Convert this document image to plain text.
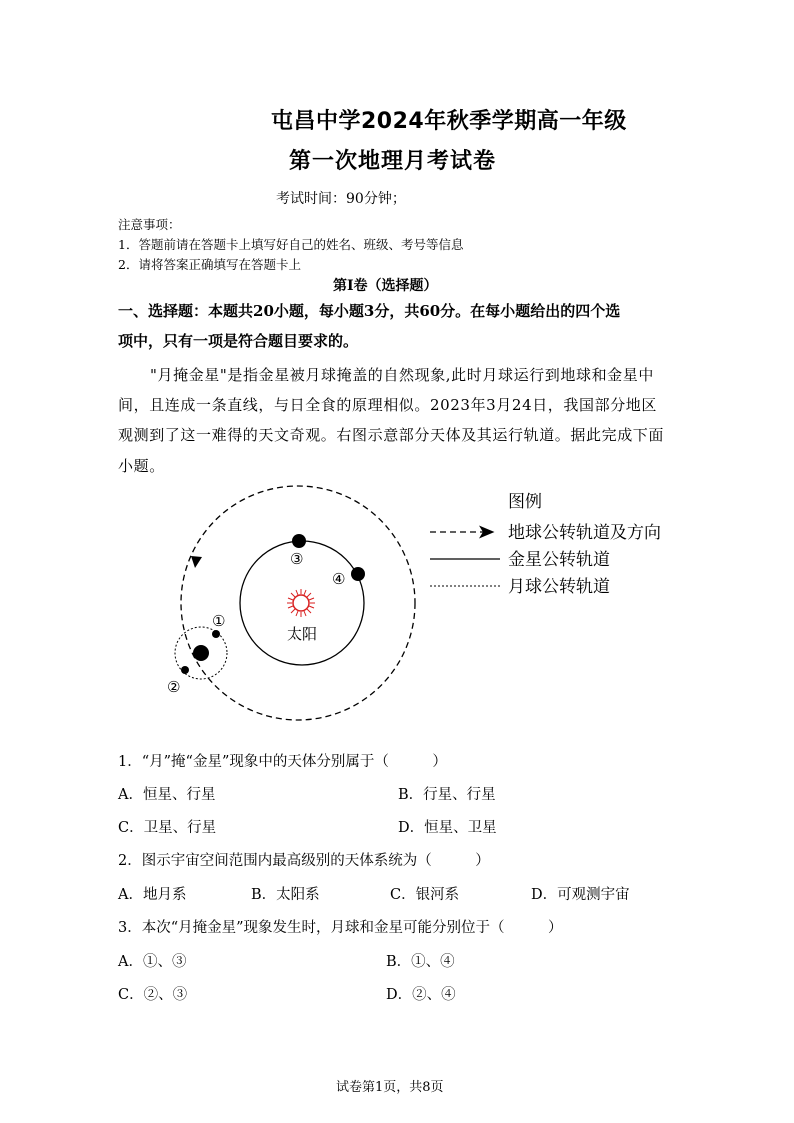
屯昌中学2024年秋季学期高一年级
第一次地理月考试卷
考试时间：90分钟；
注意事项：
1．答题前请在答题卡上填写好自己的姓名、班级、考号等信息
2．请将答案正确填写在答题卡上
第I卷（选择题）
一、选择题：本题共20小题，每小题3分，共60分。在每小题给出的四个选
项中，只有一项是符合题目要求的。
"月掩金星"是指金星被月球掩盖的自然现象,此时月球运行到地球和金星中
间，且连成一条直线，与日全食的原理相似。2023年3月24日，我国部分地区
观测到了这一难得的天文奇观。右图示意部分天体及其运行轨道。据此完成下面
小题。
太阳
①
②
③
④
图例
地球公转轨道及方向
金星公转轨道
月球公转轨道
1．“月”掩“金星”现象中的天体分别属于（　　　）
A．恒星、行星	B．行星、行星
C．卫星、行星	D．恒星、卫星
2．图示宇宙空间范围内最高级别的天体系统为（　　　）
A．地月系	B．太阳系	C．银河系	D．可观测宇宙
3．本次“月掩金星”现象发生时，月球和金星可能分别位于（　　　）
A．①、③	B．①、④
C．②、③	D．②、④
试卷第1页，共8页
